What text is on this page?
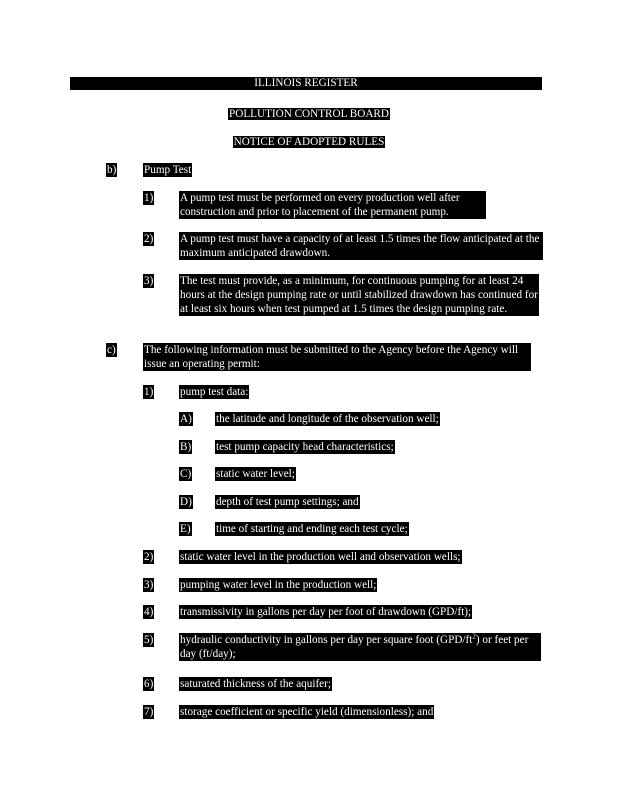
ILLINOIS REGISTER
POLLUTION CONTROL BOARD
NOTICE OF ADOPTED RULES
b) Pump Test
1) A pump test must be performed on every production well after construction and prior to placement of the permanent pump.
2) A pump test must have a capacity of at least 1.5 times the flow anticipated at the maximum anticipated drawdown.
3) The test must provide, as a minimum, for continuous pumping for at least 24 hours at the design pumping rate or until stabilized drawdown has continued for at least six hours when test pumped at 1.5 times the design pumping rate.
c)	The following information must be submitted to the Agency before the Agency will issue an operating permit:
1) pump test data:
A) the latitude and longitude of the observation well;
B) test pump capacity head characteristics;
C) static water level;
D) depth of test pump settings; and
E) time of starting and ending each test cycle;
2) static water level in the production well and observation wells;
3) pumping water level in the production well;
4) transmissivity in gallons per day per foot of drawdown (GPD/ft);
5) hydraulic conductivity in gallons per day per square foot $(GPD/ft^2)$ or feet per day (ft/day);
6) saturated thickness of the aquifer;
7) storage coefficient or specific yield (dimensionless); and
